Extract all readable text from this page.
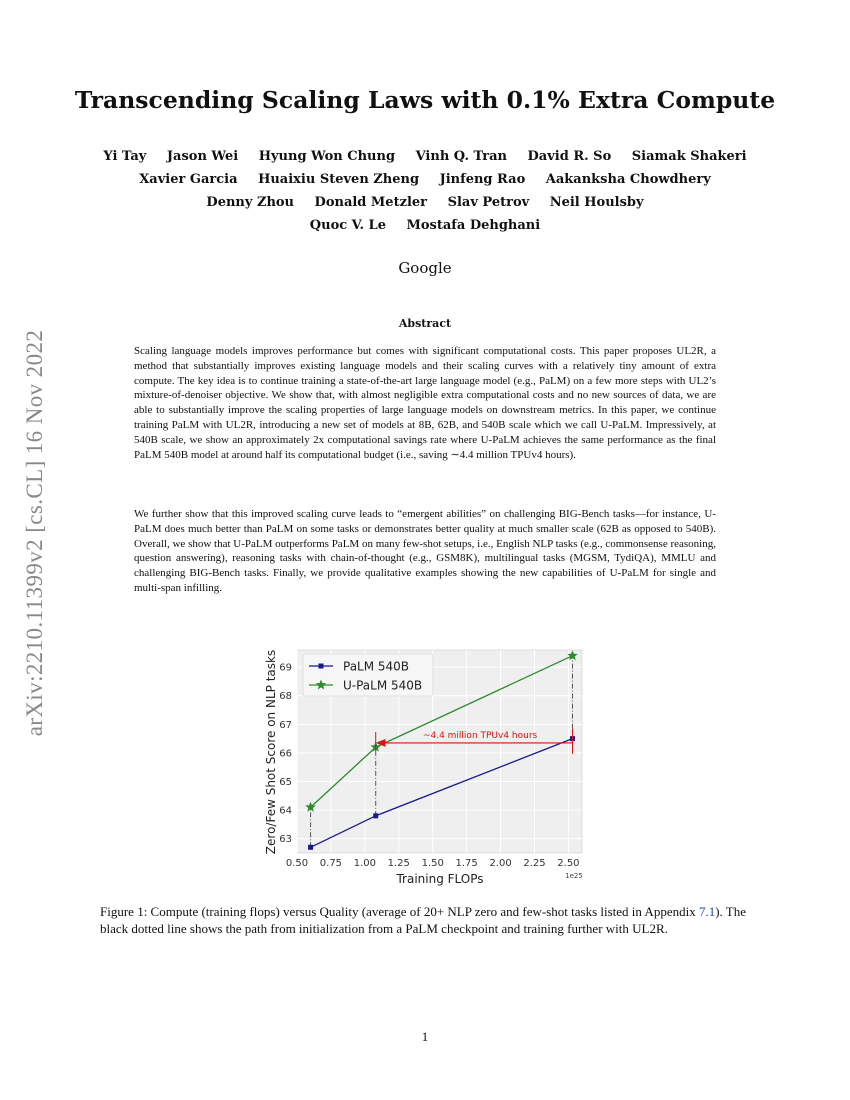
Transcending Scaling Laws with 0.1% Extra Compute
Yi Tay Jason Wei Hyung Won Chung Vinh Q. Tran David R. So Siamak Shakeri
Xavier Garcia Huaixiu Steven Zheng Jinfeng Rao Aakanksha Chowdhery
Denny Zhou Donald Metzler Slav Petrov Neil Houlsby
Quoc V. Le Mostafa Dehghani
Google
arXiv:2210.11399v2 [cs.CL] 16 Nov 2022
Abstract
Scaling language models improves performance but comes with significant computational costs. This paper proposes UL2R, a method that substantially improves existing language models and their scaling curves with a relatively tiny amount of extra compute. The key idea is to continue training a state-of-the-art large language model (e.g., PaLM) on a few more steps with UL2’s mixture-of-denoiser objective. We show that, with almost negligible extra computational costs and no new sources of data, we are able to substantially improve the scaling properties of large language models on downstream metrics. In this paper, we continue training PaLM with UL2R, introducing a new set of models at 8B, 62B, and 540B scale which we call U-PaLM. Impressively, at 540B scale, we show an approximately 2x computational savings rate where U-PaLM achieves the same performance as the final PaLM 540B model at around half its computational budget (i.e., saving ∼4.4 million TPUv4 hours).
We further show that this improved scaling curve leads to “emergent abilities” on challenging BIG-Bench tasks—for instance, U-PaLM does much better than PaLM on some tasks or demonstrates better quality at much smaller scale (62B as opposed to 540B). Overall, we show that U-PaLM outperforms PaLM on many few-shot setups, i.e., English NLP tasks (e.g., commonsense reasoning, question answering), reasoning tasks with chain-of-thought (e.g., GSM8K), multilingual tasks (MGSM, TydiQA), MMLU and challenging BIG-Bench tasks. Finally, we provide qualitative examples showing the new capabilities of U-PaLM for single and multi-span infilling.
~4.4 million TPUv4 hours
0.50 0.75 1.00 1.25 1.50 1.75 2.00 2.25 2.50
63
64
65
66
67
68
69
Training FLOPs
Zero/Few Shot Score on NLP tasks
1e25
PaLM 540B
U-PaLM 540B
Figure 1: Compute (training flops) versus Quality (average of 20+ NLP zero and few-shot tasks listed in Appendix 7.1). The black dotted line shows the path from initialization from a PaLM checkpoint and training further with UL2R.
1
